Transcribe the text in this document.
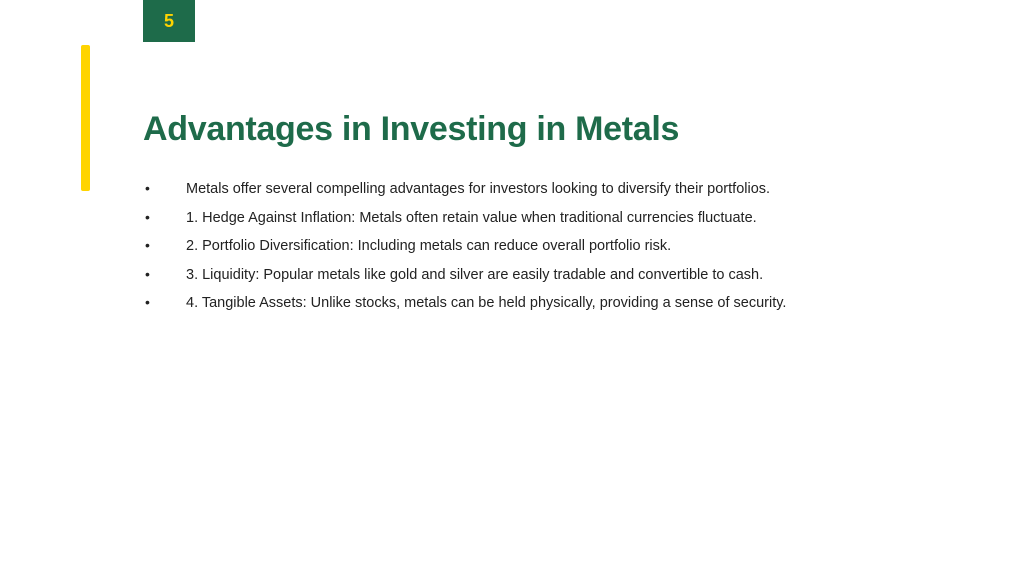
5
Advantages in Investing in Metals
•	Metals offer several compelling advantages for investors looking to diversify their portfolios.
•	1. Hedge Against Inflation: Metals often retain value when traditional currencies fluctuate.
•	2. Portfolio Diversification: Including metals can reduce overall portfolio risk.
•	3. Liquidity: Popular metals like gold and silver are easily tradable and convertible to cash.
•	4. Tangible Assets: Unlike stocks, metals can be held physically, providing a sense of security.
